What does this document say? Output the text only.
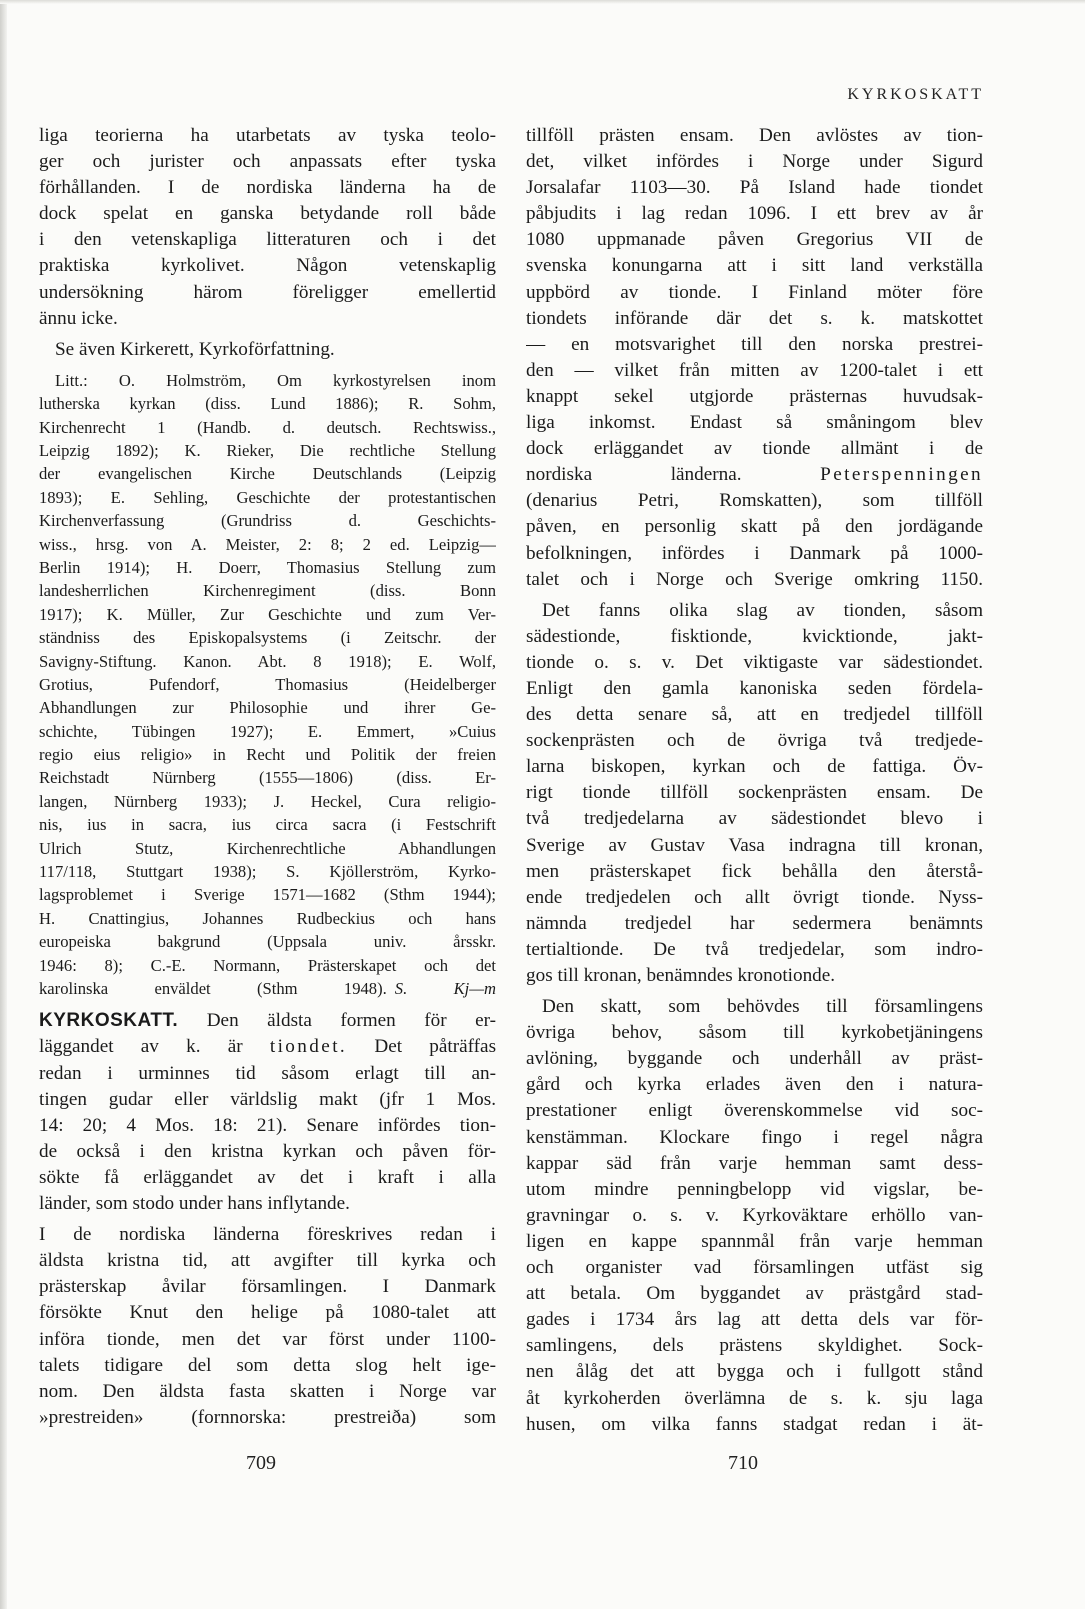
KYRKOSKATT
liga teorierna ha utarbetats av tyska teolo-
ger och jurister och anpassats efter tyska
förhållanden. I de nordiska länderna ha de
dock spelat en ganska betydande roll både
i den vetenskapliga litteraturen och i det
praktiska kyrkolivet. Någon vetenskaplig
undersökning härom föreligger emellertid
ännu icke.
Se även Kirkerett, Kyrkoförfattning.
Litt.: O. Holmström, Om kyrkostyrelsen inom
lutherska kyrkan (diss. Lund 1886); R. Sohm,
Kirchenrecht 1 (Handb. d. deutsch. Rechtswiss.,
Leipzig 1892); K. Rieker, Die rechtliche Stellung
der evangelischen Kirche Deutschlands (Leipzig
1893); E. Sehling, Geschichte der protestantischen
Kirchenverfassung (Grundriss d. Geschichts-
wiss., hrsg. von A. Meister, 2: 8; 2 ed. Leipzig—
Berlin 1914); H. Doerr, Thomasius Stellung zum
landesherrlichen Kirchenregiment (diss. Bonn
1917); K. Müller, Zur Geschichte und zum Ver-
ständniss des Episkopalsystems (i Zeitschr. der
Savigny-Stiftung. Kanon. Abt. 8 1918); E. Wolf,
Grotius, Pufendorf, Thomasius (Heidelberger
Abhandlungen zur Philosophie und ihrer Ge-
schichte, Tübingen 1927); E. Emmert, »Cuius
regio eius religio» in Recht und Politik der freien
Reichstadt Nürnberg (1555—1806) (diss. Er-
langen, Nürnberg 1933); J. Heckel, Cura religio-
nis, ius in sacra, ius circa sacra (i Festschrift
Ulrich Stutz, Kirchenrechtliche Abhandlungen
117/118, Stuttgart 1938); S. Kjöllerström, Kyrko-
lagsproblemet i Sverige 1571—1682 (Sthm 1944);
H. Cnattingius, Johannes Rudbeckius och hans
europeiska bakgrund (Uppsala univ. årsskr.
1946: 8); C.-E. Normann, Prästerskapet och det
karolinska enväldet (Sthm 1948). S. Kj—m
KYRKOSKATT. Den äldsta formen för er-
läggandet av k. är tiondet. Det påträffas
redan i urminnes tid såsom erlagt till an-
tingen gudar eller världslig makt (jfr 1 Mos.
14: 20; 4 Mos. 18: 21). Senare infördes tion-
de också i den kristna kyrkan och påven för-
sökte få erläggandet av det i kraft i alla
länder, som stodo under hans inflytande.
I de nordiska länderna föreskrives redan i
äldsta kristna tid, att avgifter till kyrka och
prästerskap åvilar församlingen. I Danmark
försökte Knut den helige på 1080-talet att
införa tionde, men det var först under 1100-
talets tidigare del som detta slog helt ige-
nom. Den äldsta fasta skatten i Norge var
»prestreiden» (fornnorska: prestreiða) som
tillföll prästen ensam. Den avlöstes av tion-
det, vilket infördes i Norge under Sigurd
Jorsalafar 1103—30. På Island hade tiondet
påbjudits i lag redan 1096. I ett brev av år
1080 uppmanade påven Gregorius VII de
svenska konungarna att i sitt land verkställa
uppbörd av tionde. I Finland möter före
tiondets införande där det s. k. matskottet
— en motsvarighet till den norska prestrei-
den — vilket från mitten av 1200-talet i ett
knappt sekel utgjorde prästernas huvudsak-
liga inkomst. Endast så småningom blev
dock erläggandet av tionde allmänt i de
nordiska länderna.	Peterspenningen
(denarius Petri, Romskatten), som tillföll
påven, en personlig skatt på den jordägande
befolkningen, infördes i Danmark på 1000-
talet och i Norge och Sverige omkring 1150.
Det fanns olika slag av tionden, såsom
sädestionde, fisktionde, kvicktionde, jakt-
tionde o. s. v. Det viktigaste var sädestiondet.
Enligt den gamla kanoniska seden fördela-
des detta senare så, att en tredjedel tillföll
sockenprästen och de övriga två tredjede-
larna biskopen, kyrkan och de fattiga. Öv-
rigt tionde tillföll sockenprästen ensam. De
två tredjedelarna av sädestiondet blevo i
Sverige av Gustav Vasa indragna till kronan,
men prästerskapet fick behålla den återstå-
ende tredjedelen och allt övrigt tionde. Nyss-
nämnda tredjedel har sedermera benämnts
tertialtionde. De två tredjedelar, som indro-
gos till kronan, benämndes kronotionde.
Den skatt, som behövdes till församlingens
övriga behov, såsom till kyrkobetjäningens
avlöning, byggande och underhåll av präst-
gård och kyrka erlades även den i natura-
prestationer enligt överenskommelse vid soc-
kenstämman. Klockare fingo i regel några
kappar säd från varje hemman samt dess-
utom mindre penningbelopp vid vigslar, be-
gravningar o. s. v. Kyrkoväktare erhöllo van-
ligen en kappe spannmål från varje hemman
och organister vad församlingen utfäst sig
att betala. Om byggandet av prästgård stad-
gades i 1734 års lag att detta dels var för-
samlingens, dels prästens skyldighet. Sock-
nen ålåg det att bygga och i fullgott stånd
åt kyrkoherden överlämna de s. k. sju laga
husen, om vilka fanns stadgat redan i ät-
709	710
